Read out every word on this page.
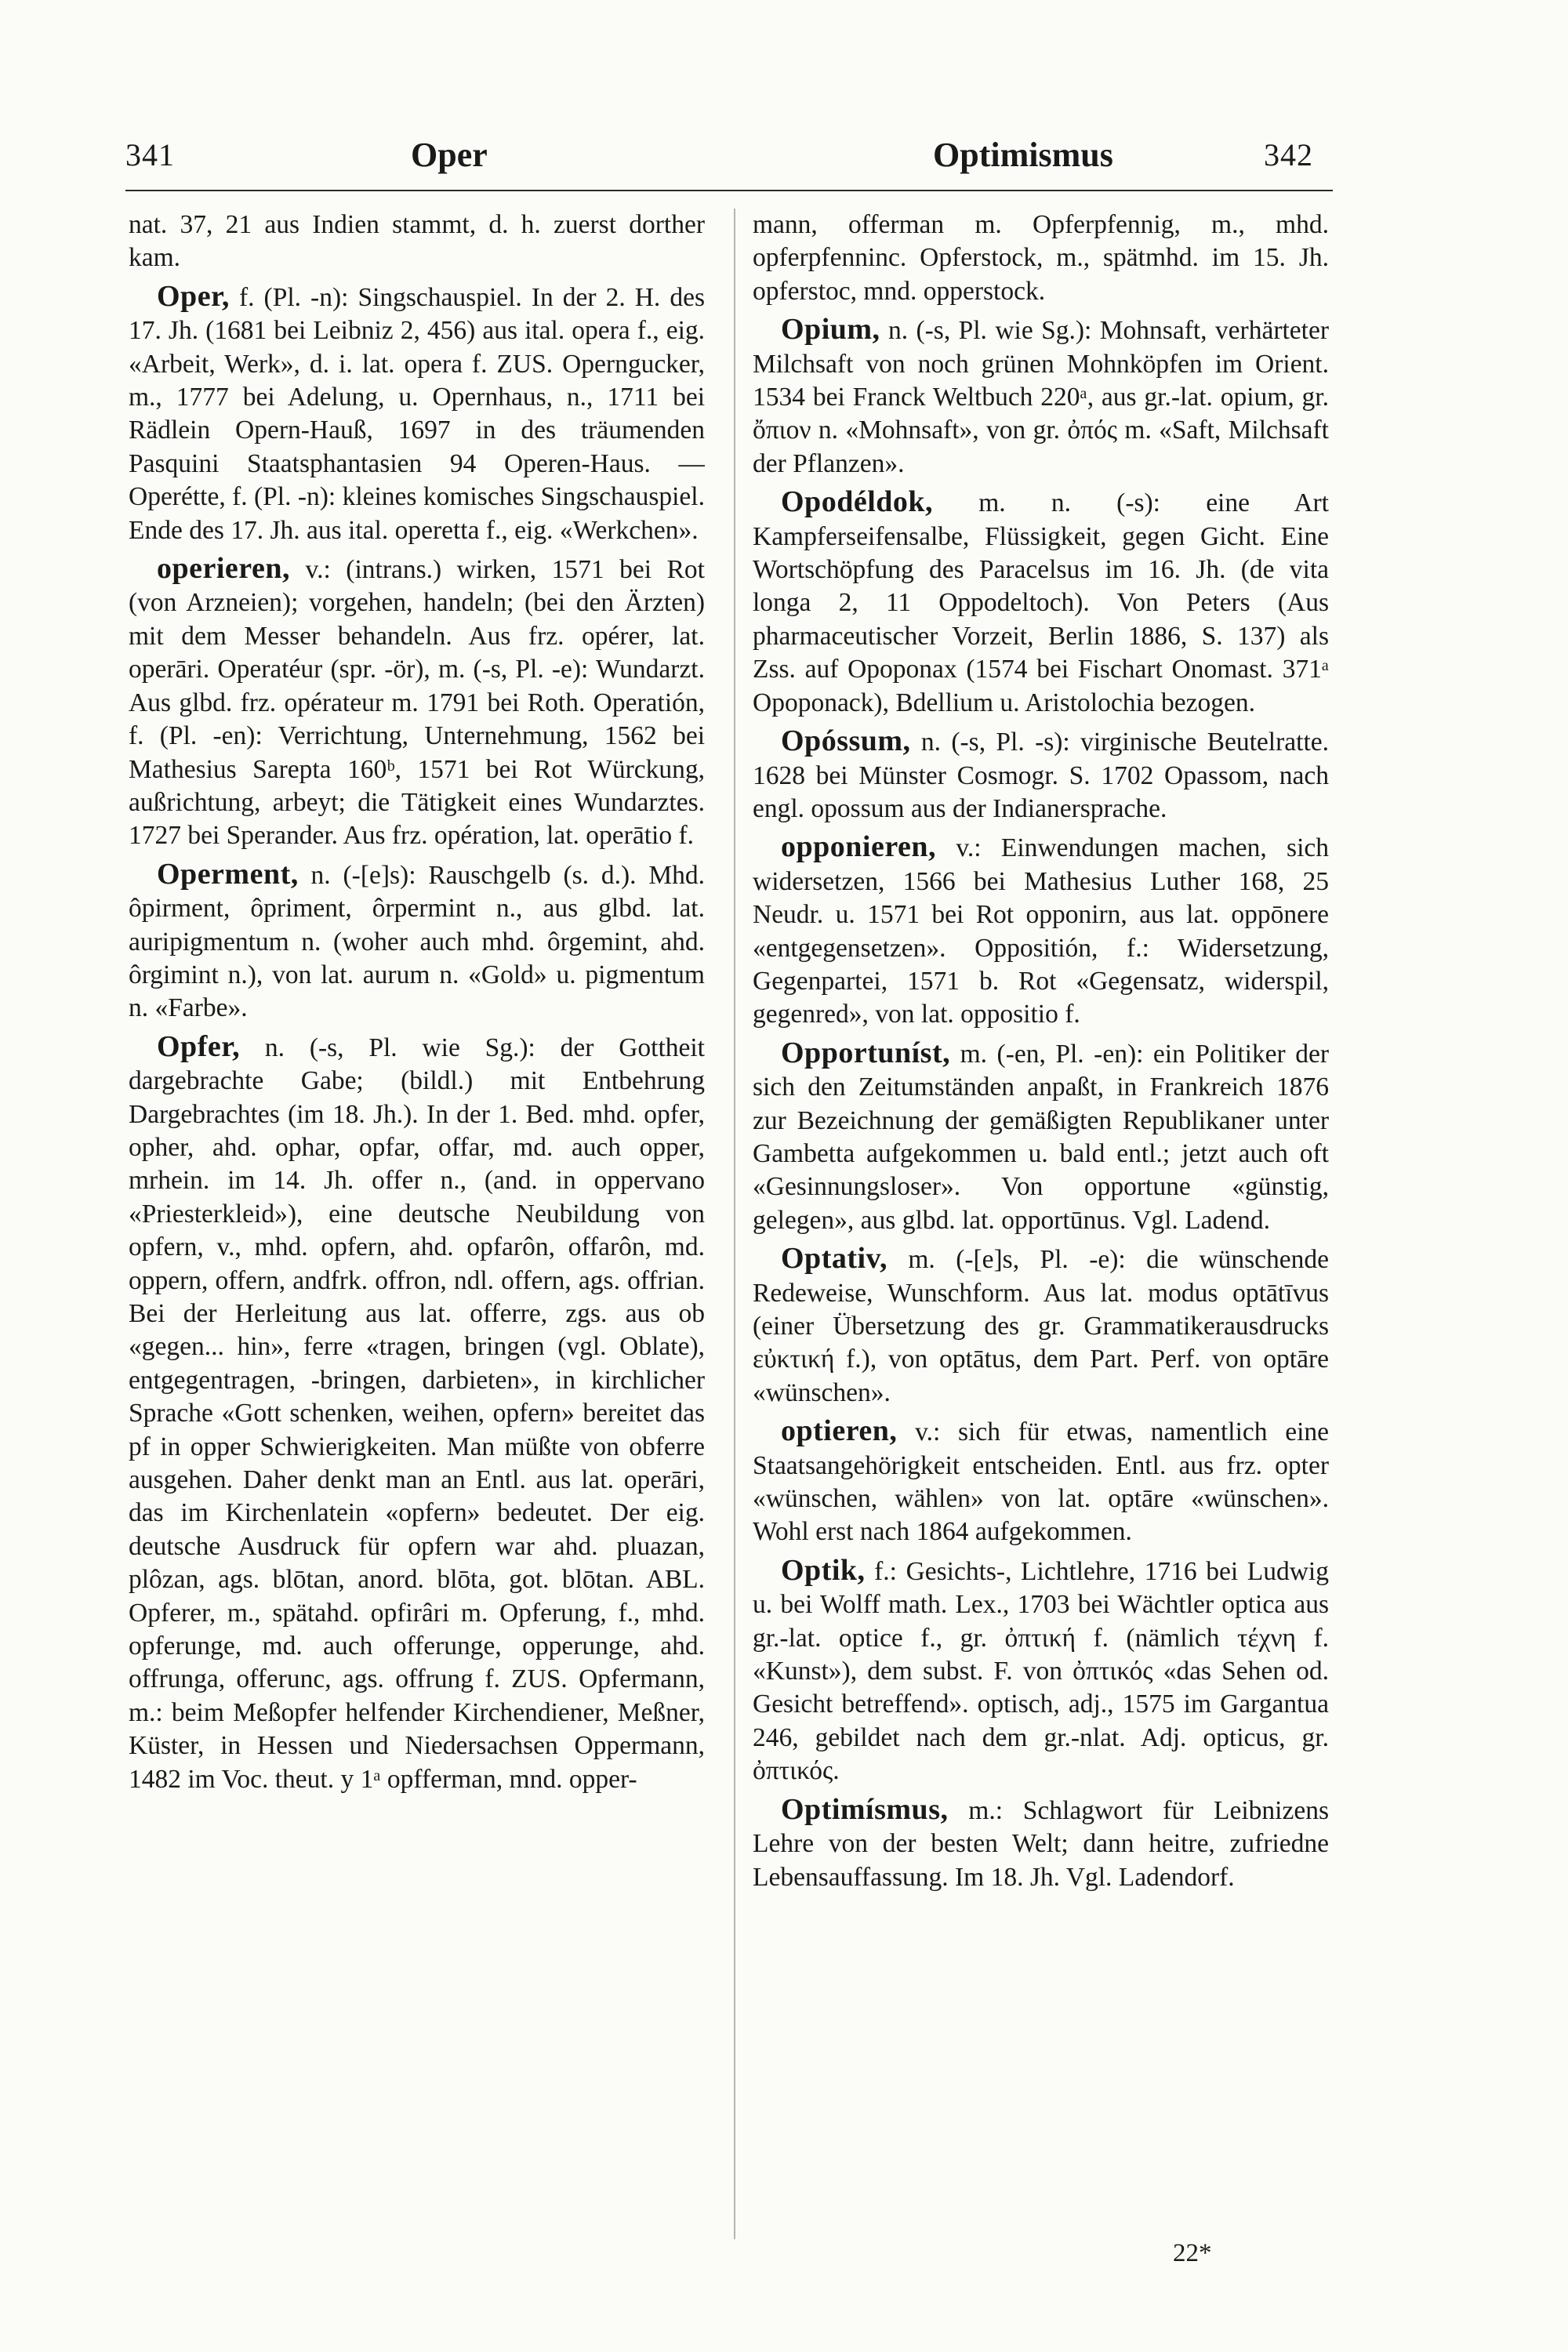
341	Oper	Optimismus	342

nat. 37, 21 aus Indien stammt, d. h. zuerst dorther kam.

Oper, f. (Pl. -n): Singschauspiel. In der 2. H. des 17. Jh. (1681 bei Leibniz 2, 456) aus ital. opera f., eig. «Arbeit, Werk», d. i. lat. opera f. ZUS. Operngucker, m., 1777 bei Adelung, u. Opernhaus, n., 1711 bei Rädlein Opern-Hauß, 1697 in des träumenden Pasquini Staatsphantasien 94 Operen-Haus. — Operétte, f. (Pl. -n): kleines komisches Singschauspiel. Ende des 17. Jh. aus ital. operetta f., eig. «Werkchen».

operieren, v.: (intrans.) wirken, 1571 bei Rot (von Arzneien); vorgehen, handeln; (bei den Ärzten) mit dem Messer behandeln. Aus frz. opérer, lat. operāri. Operatéur (spr. -ör), m. (-s, Pl. -e): Wundarzt. Aus glbd. frz. opérateur m. 1791 bei Roth. Operatión, f. (Pl. -en): Verrichtung, Unternehmung, 1562 bei Mathesius Sarepta 160ᵇ, 1571 bei Rot Würckung, außrichtung, arbeyt; die Tätigkeit eines Wundarztes. 1727 bei Sperander. Aus frz. opération, lat. operātio f.

Operment, n. (-[e]s): Rauschgelb (s. d.). Mhd. ôpirment, ôpriment, ôrpermint n., aus glbd. lat. auripigmentum n. (woher auch mhd. ôrgemint, ahd. ôrgimint n.), von lat. aurum n. «Gold» u. pigmentum n. «Farbe».

Opfer, n. (-s, Pl. wie Sg.): der Gottheit dargebrachte Gabe; (bildl.) mit Entbehrung Dargebrachtes (im 18. Jh.). In der 1. Bed. mhd. opfer, opher, ahd. ophar, opfar, offar, md. auch opper, mrhein. im 14. Jh. offer n., (and. in oppervano «Priesterkleid»), eine deutsche Neubildung von opfern, v., mhd. opfern, ahd. opfarôn, offarôn, md. oppern, offern, andfrk. offron, ndl. offern, ags. offrian. Bei der Herleitung aus lat. offerre, zgs. aus ob «gegen... hin», ferre «tragen, bringen (vgl. Oblate), entgegentragen, -bringen, darbieten», in kirchlicher Sprache «Gott schenken, weihen, opfern» bereitet das pf in opper Schwierigkeiten. Man müßte von obferre ausgehen. Daher denkt man an Entl. aus lat. operāri, das im Kirchenlatein «opfern» bedeutet. Der eig. deutsche Ausdruck für opfern war ahd. pluazan, plôzan, ags. blōtan, anord. blōta, got. blōtan. ABL. Opferer, m., spätahd. opfirâri m. Opferung, f., mhd. opferunge, md. auch offerunge, opperunge, ahd. offrunga, offerunc, ags. offrung f. ZUS. Opfermann, m.: beim Meßopfer helfender Kirchendiener, Meßner, Küster, in Hessen und Niedersachsen Oppermann, 1482 im Voc. theut. y 1ᵃ opfferman, mnd. opper-

mann, offerman m. Opferpfennig, m., mhd. opferpfenninc. Opferstock, m., spätmhd. im 15. Jh. opferstoc, mnd. opperstock.

Opium, n. (-s, Pl. wie Sg.): Mohnsaft, verhärteter Milchsaft von noch grünen Mohnköpfen im Orient. 1534 bei Franck Weltbuch 220ᵃ, aus gr.-lat. opium, gr. ὄπιον n. «Mohnsaft», von gr. ὀπός m. «Saft, Milchsaft der Pflanzen».

Opodéldok, m. n. (-s): eine Art Kampferseifensalbe, Flüssigkeit, gegen Gicht. Eine Wortschöpfung des Paracelsus im 16. Jh. (de vita longa 2, 11 Oppodeltoch). Von Peters (Aus pharmaceutischer Vorzeit, Berlin 1886, S. 137) als Zss. auf Opoponax (1574 bei Fischart Onomast. 371ᵃ Opoponack), Bdellium u. Aristolochia bezogen.

Opóssum, n. (-s, Pl. -s): virginische Beutelratte. 1628 bei Münster Cosmogr. S. 1702 Opassom, nach engl. opossum aus der Indianersprache.

opponieren, v.: Einwendungen machen, sich widersetzen, 1566 bei Mathesius Luther 168, 25 Neudr. u. 1571 bei Rot opponirn, aus lat. oppōnere «entgegensetzen». Oppositión, f.: Widersetzung, Gegenpartei, 1571 b. Rot «Gegensatz, widerspil, gegenred», von lat. oppositio f.

Opportuníst, m. (-en, Pl. -en): ein Politiker der sich den Zeitumständen anpaßt, in Frankreich 1876 zur Bezeichnung der gemäßigten Republikaner unter Gambetta aufgekommen u. bald entl.; jetzt auch oft «Gesinnungsloser». Von opportune «günstig, gelegen», aus glbd. lat. opportūnus. Vgl. Ladend.

Optativ, m. (-[e]s, Pl. -e): die wünschende Redeweise, Wunschform. Aus lat. modus optātīvus (einer Übersetzung des gr. Grammatikerausdrucks εὐκτική f.), von optātus, dem Part. Perf. von optāre «wünschen».

optieren, v.: sich für etwas, namentlich eine Staatsangehörigkeit entscheiden. Entl. aus frz. opter «wünschen, wählen» von lat. optāre «wünschen». Wohl erst nach 1864 aufgekommen.

Optik, f.: Gesichts-, Lichtlehre, 1716 bei Ludwig u. bei Wolff math. Lex., 1703 bei Wächtler optica aus gr.-lat. optice f., gr. ὀπτική f. (nämlich τέχνη f. «Kunst»), dem subst. F. von ὀπτικός «das Sehen od. Gesicht betreffend». optisch, adj., 1575 im Gargantua 246, gebildet nach dem gr.-nlat. Adj. opticus, gr. ὀπτικός.

Optimísmus, m.: Schlagwort für Leibnizens Lehre von der besten Welt; dann heitre, zufriedne Lebensauffassung. Im 18. Jh. Vgl. Ladendorf.

22*
